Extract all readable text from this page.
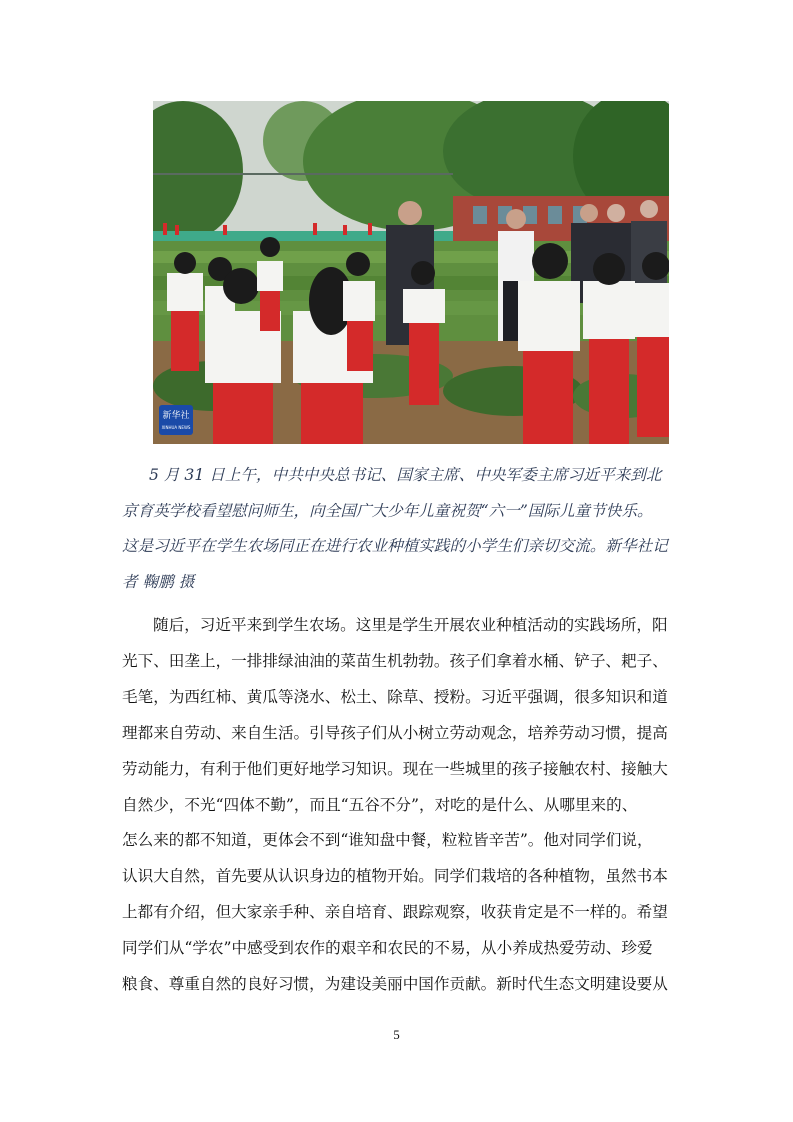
新华社
XINHUA NEWS

5 月 31 日上午，中共中央总书记、国家主席、中央军委主席习近平来到北
京育英学校看望慰问师生，向全国广大少年儿童祝贺“六一”国际儿童节快乐。
这是习近平在学生农场同正在进行农业种植实践的小学生们亲切交流。新华社记
者 鞠鹏 摄

随后，习近平来到学生农场。这里是学生开展农业种植活动的实践场所，阳
光下、田垄上，一排排绿油油的菜苗生机勃勃。孩子们拿着水桶、铲子、耙子、
毛笔，为西红柿、黄瓜等浇水、松土、除草、授粉。习近平强调，很多知识和道
理都来自劳动、来自生活。引导孩子们从小树立劳动观念，培养劳动习惯，提高
劳动能力，有利于他们更好地学习知识。现在一些城里的孩子接触农村、接触大
自然少，不光“四体不勤”，而且“五谷不分”，对吃的是什么、从哪里来的、
怎么来的都不知道，更体会不到“谁知盘中餐，粒粒皆辛苦”。他对同学们说，
认识大自然，首先要从认识身边的植物开始。同学们栽培的各种植物，虽然书本
上都有介绍，但大家亲手种、亲自培育、跟踪观察，收获肯定是不一样的。希望
同学们从“学农”中感受到农作的艰辛和农民的不易，从小养成热爱劳动、珍爱
粮食、尊重自然的良好习惯，为建设美丽中国作贡献。新时代生态文明建设要从

5
